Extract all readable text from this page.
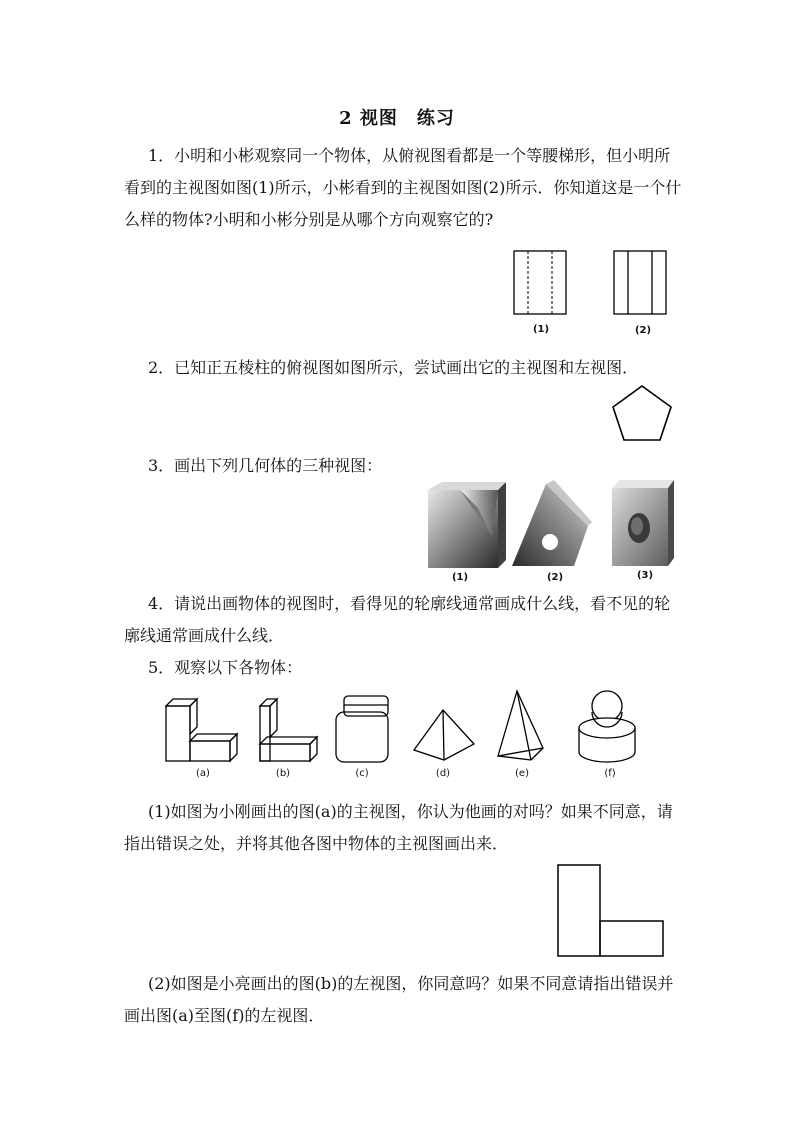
2 视图　练习
1．小明和小彬观察同一个物体，从俯视图看都是一个等腰梯形，但小明所
看到的主视图如图(1)所示，小彬看到的主视图如图(2)所示．你知道这是一个什
么样的物体?小明和小彬分别是从哪个方向观察它的?
(1)	(2)
2．已知正五棱柱的俯视图如图所示，尝试画出它的主视图和左视图．
3．画出下列几何体的三种视图：
(1)	(2)	(3)
4．请说出画物体的视图时，看得见的轮廓线通常画成什么线，看不见的轮
廓线通常画成什么线．
5．观察以下各物体：
(a)	(b)	(c)	(d)	(e)	(f)
(1)如图为小刚画出的图(a)的主视图，你认为他画的对吗？如果不同意，请
指出错误之处，并将其他各图中物体的主视图画出来．
(2)如图是小亮画出的图(b)的左视图，你同意吗？如果不同意请指出错误并
画出图(a)至图(f)的左视图．
